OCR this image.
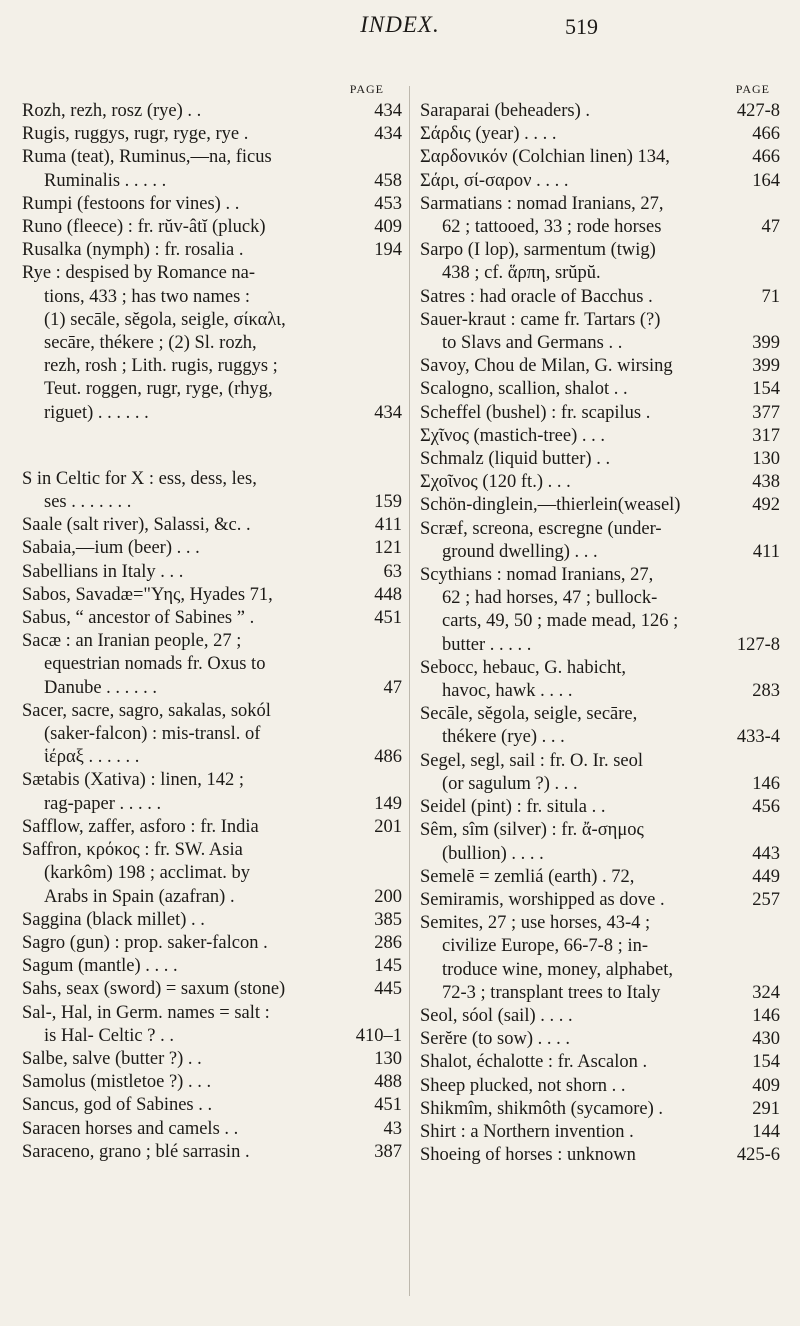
INDEX.	519
PAGE
Rozh, rezh, rosz (rye) . .	434
Rugis, ruggys, rugr, ryge, rye .	434
Ruma (teat), Ruminus,—na, ficus
Ruminalis . . . . .	458
Rumpi (festoons for vines) . .	453
Runo (fleece) : fr. rŭv-âtĭ (pluck)	409
Rusalka (nymph) : fr. rosalia .	194
Rye : despised by Romance na-
tions, 433 ; has two names :
(1) secāle, sĕgola, seigle, σίκαλι,
secāre, thékere ; (2) Sl. rozh,
rezh, rosh ; Lith. rugis, ruggys ;
Teut. roggen, rugr, ryge, (rhyg,
riguet) . . . . . .	434
S in Celtic for X : ess, dess, les,
ses . . . . . . .	159
Saale (salt river), Salassi, &c. .	411
Sabaia,—ium (beer) . . .	121
Sabellians in Italy . . .	63
Sabos, Savadæ="Υης, Hyades 71,	448
Sabus, “ ancestor of Sabines ” .	451
Sacæ : an Iranian people, 27 ;
equestrian nomads fr. Oxus to
Danube . . . . . .	47
Sacer, sacre, sagro, sakalas, sokól
(saker-falcon) : mis-transl. of
ἱέραξ . . . . . .	486
Sætabis (Xativa) : linen, 142 ;
rag-paper . . . . .	149
Safflow, zaffer, asforo : fr. India	201
Saffron, κρόκος : fr. SW. Asia
(karkôm) 198 ; acclimat. by
Arabs in Spain (azafran) .	200
Saggina (black millet) . .	385
Sagro (gun) : prop. saker-falcon .	286
Sagum (mantle) . . . .	145
Sahs, seax (sword) = saxum (stone)	445
Sal-, Hal, in Germ. names = salt :
is Hal- Celtic ? . .	410–1
Salbe, salve (butter ?) . .	130
Samolus (mistletoe ?) . . .	488
Sancus, god of Sabines . .	451
Saracen horses and camels . .	43
Saraceno, grano ; blé sarrasin .	387
PAGE
Saraparai (beheaders) .	427-8
Σάρδις (year) . . . .	466
Σαρδονικόν (Colchian linen) 134,	466
Σάρι, σί-σαρον . . . .	164
Sarmatians : nomad Iranians, 27,
62 ; tattooed, 33 ; rode horses	47
Sarpo (I lop), sarmentum (twig)
438 ; cf. ἅρπη, srŭpŭ.
Satres : had oracle of Bacchus .	71
Sauer-kraut : came fr. Tartars (?)
to Slavs and Germans . .	399
Savoy, Chou de Milan, G. wirsing	399
Scalogno, scallion, shalot . .	154
Scheffel (bushel) : fr. scapilus .	377
Σχῖνος (mastich-tree) . . .	317
Schmalz (liquid butter) . .	130
Σχοῖνος (120 ft.) . . .	438
Schön-dinglein,—thierlein(weasel)	492
Scræf, screona, escregne (under-
ground dwelling) . . .	411
Scythians : nomad Iranians, 27,
62 ; had horses, 47 ; bullock-
carts, 49, 50 ; made mead, 126 ;
butter . . . . .	127-8
Sebocc, hebauc, G. habicht,
havoc, hawk . . . .	283
Secāle, sĕgola, seigle, secāre,
thékere (rye) . . .	433-4
Segel, segl, sail : fr. O. Ir. seol
(or sagulum ?) . . .	146
Seidel (pint) : fr. situla . .	456
Sêm, sîm (silver) : fr. ἄ-σημος
(bullion) . . . .	443
Semelē = zemliá (earth) . 72,	449
Semiramis, worshipped as dove .	257
Semites, 27 ; use horses, 43-4 ;
civilize Europe, 66-7-8 ; in-
troduce wine, money, alphabet,
72-3 ; transplant trees to Italy	324
Seol, sóol (sail) . . . .	146
Serĕre (to sow) . . . .	430
Shalot, échalotte : fr. Ascalon .	154
Sheep plucked, not shorn . .	409
Shikmîm, shikmôth (sycamore) .	291
Shirt : a Northern invention .	144
Shoeing of horses : unknown	425-6
